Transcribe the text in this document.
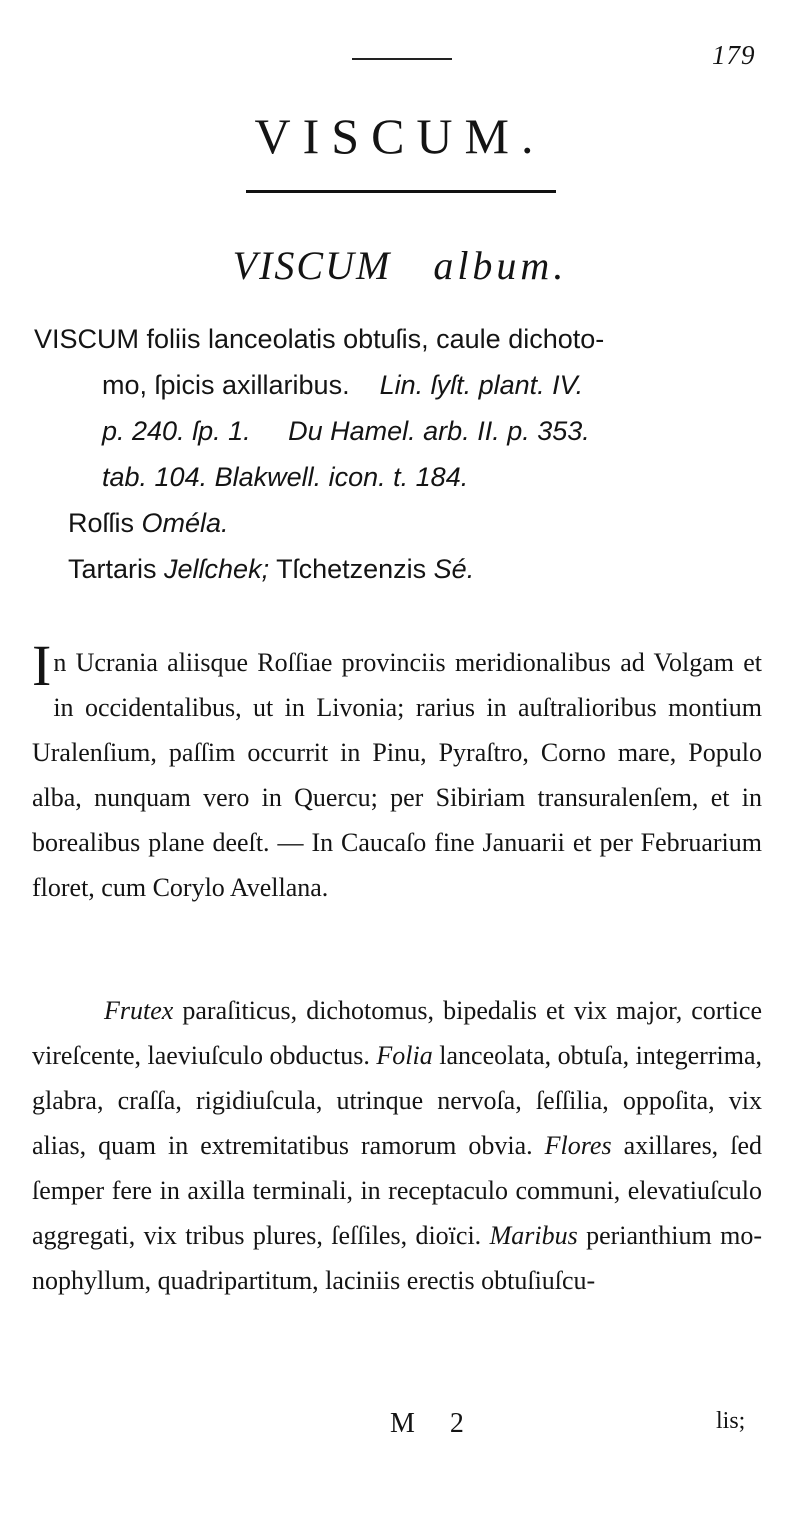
179
VISCUM.
VISCUM album.
VISCUM foliis lanceolatis obtuſis, caule dichoto-
mo, ſpicis axillaribus. Lin. ſyſt. plant. IV.
p. 240. ſp. 1. Du Hamel. arb. II. p. 353.
tab. 104. Blakwell. icon. t. 184.
Roſſis Oméla.
Tartaris Jelſchek; Tſchetzenzis Sé.
In Ucrania aliisque Roſſiae provinciis meridionalibus ad Volgam et in occidentalibus, ut in Livonia; rarius in auſtralioribus montium Uralenſium, paſſim occurrit in Pinu, Pyraſtro, Corno mare, Populo alba, nunquam vero in Quercu; per Sibiriam transuralenſem, et in borealibus plane deeſt. — In Caucaſo fine Januarii et per Februarium floret, cum Corylo Avellana.
Frutex paraſiticus, dichotomus, bipedalis et vix major, cortice vireſcente, laeviuſculo obductus. Folia lanceolata, obtuſa, integerrima, glabra, craſſa, rigidiuſcula, utrinque nervoſa, ſeſſilia, oppoſita, vix alias, quam in extremitatibus ramorum obvia. Flores axillares, ſed ſemper fere in axilla terminali, in receptaculo communi, elevatiuſculo aggregati, vix tribus plures, ſeſſiles, dioïci. Maribus perianthium monophyllum, quadripartitum, laciniis erectis obtuſiuſcu-
M 2	lis;
